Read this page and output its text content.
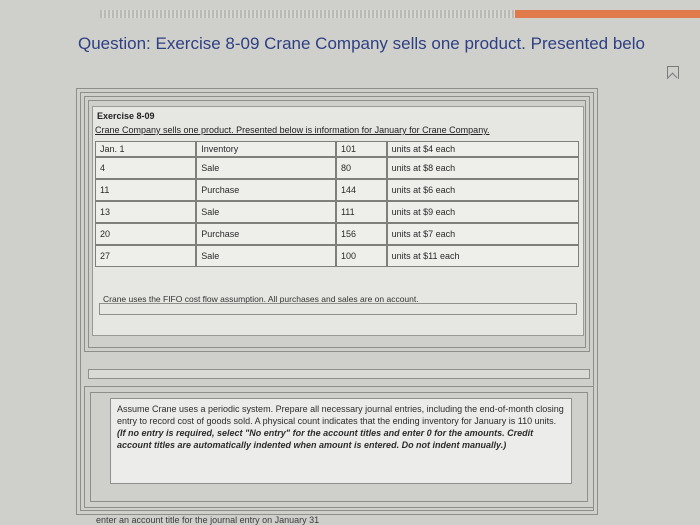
Question: Exercise 8-09 Crane Company sells one product. Presented belo
Exercise 8-09
Crane Company sells one product. Presented below is information for January for Crane Company.
Jan. 1	Inventory	101	units at $4 each
4	Sale	80	units at $8 each
11	Purchase	144	units at $6 each
13	Sale	111	units at $9 each
20	Purchase	156	units at $7 each
27	Sale	100	units at $11 each
Crane uses the FIFO cost flow assumption. All purchases and sales are on account.
Assume Crane uses a periodic system. Prepare all necessary journal entries, including the end-of-month closing entry to record cost of goods sold. A physical count indicates that the ending inventory for January is 110 units. (If no entry is required, select "No entry" for the account titles and enter 0 for the amounts. Credit account titles are automatically indented when amount is entered. Do not indent manually.)
enter an account title for the journal entry on January 31
